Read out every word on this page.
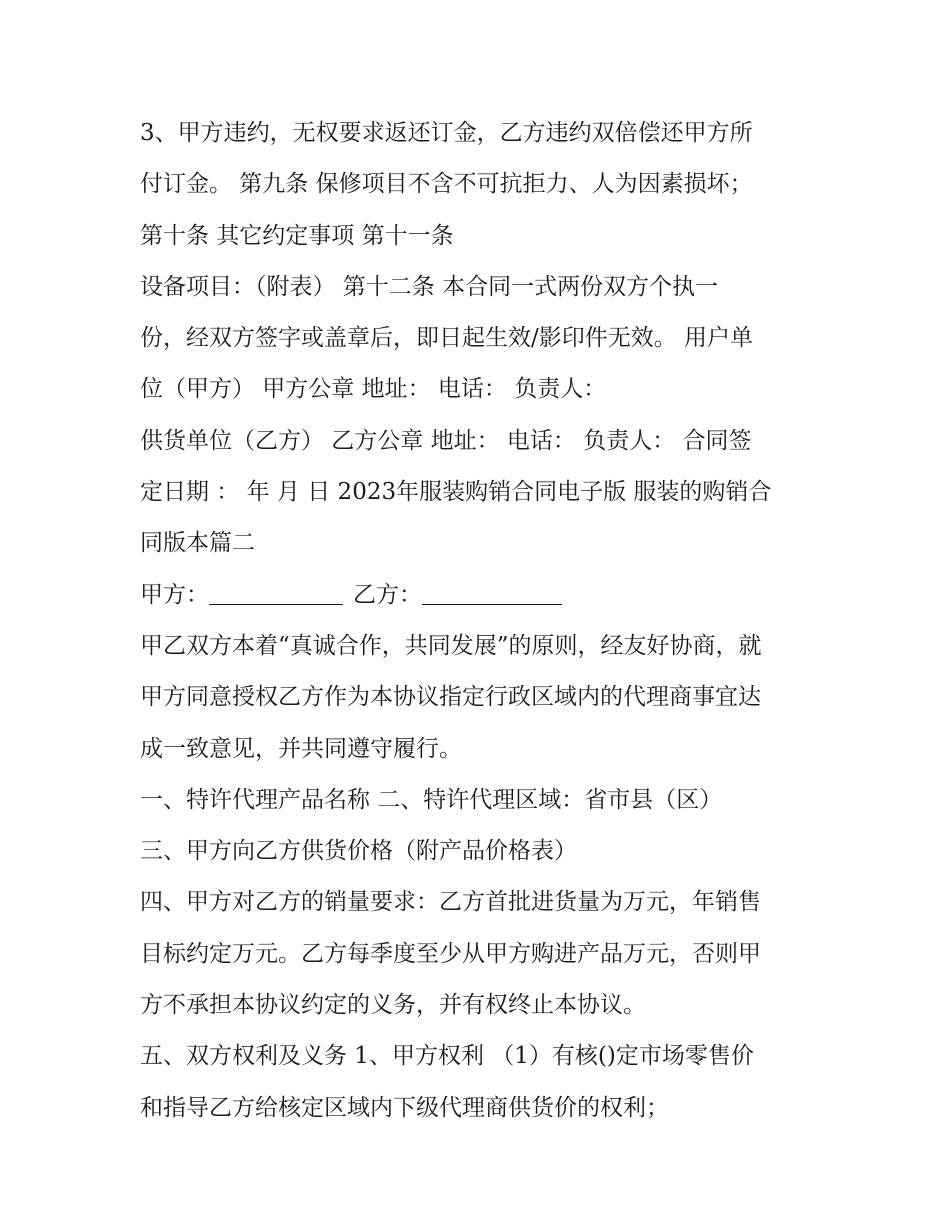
3、甲方违约，无权要求返还订金，乙方违约双倍偿还甲方所
付订金。 第九条 保修项目不含不可抗拒力、人为因素损坏；
第十条 其它约定事项 第十一条
设备项目：（附表） 第十二条 本合同一式两份双方个执一
份，经双方签字或盖章后，即日起生效/影印件无效。 用户单
位（甲方） 甲方公章 地址： 电话： 负责人：
供货单位（乙方） 乙方公章 地址： 电话： 负责人： 合同签
定日期 ： 年 月 日 2023年服装购销合同电子版 服装的购销合
同版本篇二
甲方：	乙方：
甲乙双方本着“真诚合作，共同发展”的原则，经友好协商，就
甲方同意授权乙方作为本协议指定行政区域内的代理商事宜达
成一致意见，并共同遵守履行。
一、特许代理产品名称 二、特许代理区域：省市县（区）
三、甲方向乙方供货价格（附产品价格表）
四、甲方对乙方的销量要求：乙方首批进货量为万元，年销售
目标约定万元。乙方每季度至少从甲方购进产品万元，否则甲
方不承担本协议约定的义务，并有权终止本协议。
五、双方权利及义务 1、甲方权利 （1）有核()定市场零售价
和指导乙方给核定区域内下级代理商供货价的权利；
